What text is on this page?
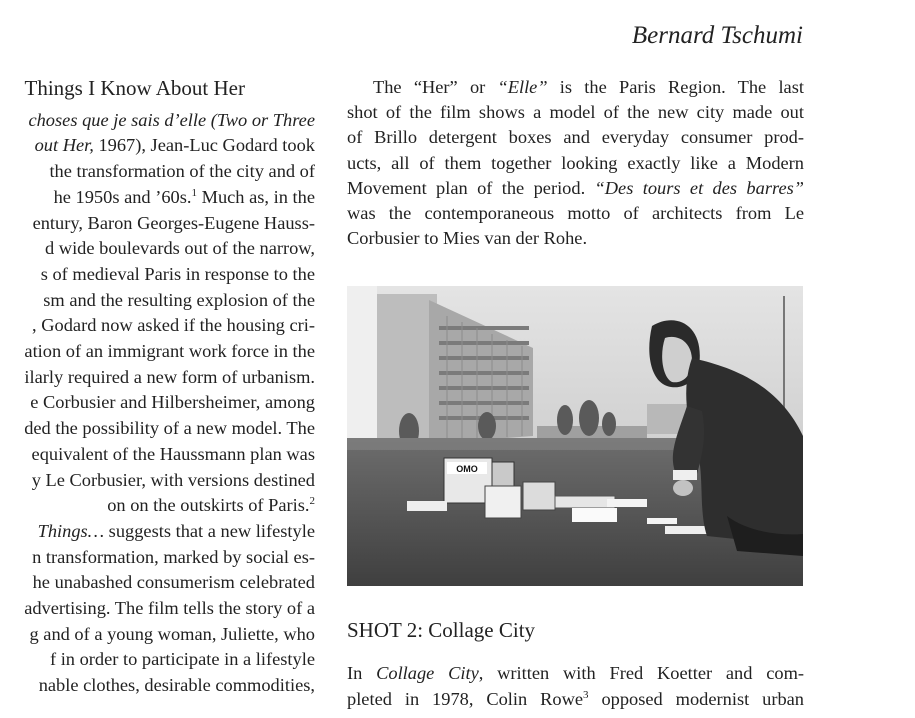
Bernard Tschumi
Things I Know About Her
choses que je sais d’elle (Two or Three
out Her, 1967), Jean-Luc Godard took
the transformation of the city and of
he 1950s and ’60s.$^1$ Much as, in the
entury, Baron Georges-Eugene Hauss-
d wide boulevards out of the narrow,
s of medieval Paris in response to the
sm and the resulting explosion of the
, Godard now asked if the housing cri-
ation of an immigrant work force in the
ilarly required a new form of urbanism.
e Corbusier and Hilbersheimer, among
ded the possibility of a new model. The
equivalent of the Haussmann plan was
y Le Corbusier, with versions destined
on on the outskirts of Paris.$^2$
Things… suggests that a new lifestyle
n transformation, marked by social es-
he unabashed consumerism celebrated
advertising. The film tells the story of a
g and of a young woman, Juliette, who
f in order to participate in a lifestyle
nable clothes, desirable commodities,
The “Her” or “Elle” is the Paris Region. The last
shot of the film shows a model of the new city made out
of Brillo detergent boxes and everyday consumer prod-
ucts, all of them together looking exactly like a Modern
Movement plan of the period. “Des tours et des barres”
was the contemporaneous motto of architects from Le
Corbusier to Mies van der Rohe.
OMO
SHOT 2: Collage City
In Collage City, written with Fred Koetter and com-
pleted in 1978, Colin Rowe$^3$ opposed modernist urban
